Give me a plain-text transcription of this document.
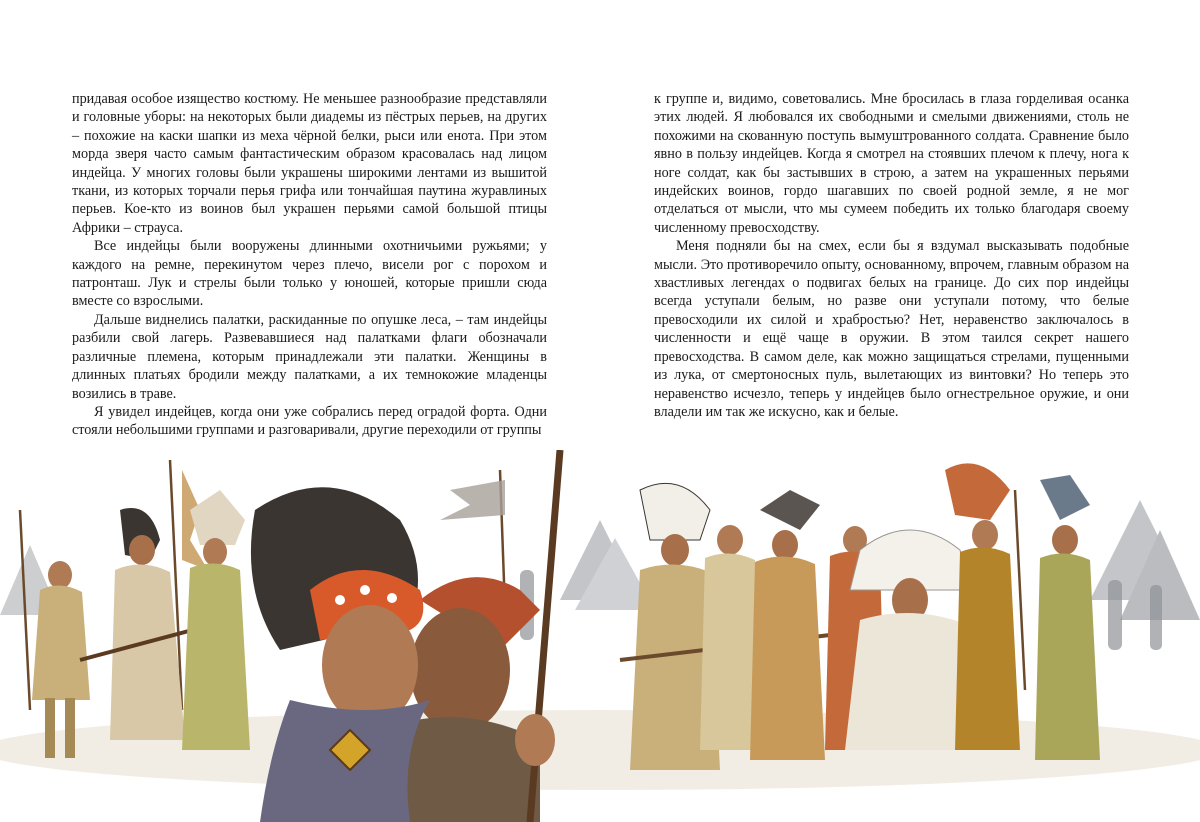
придавая особое изящество костюму. Не меньшее разнообразие представляли и головные уборы: на некоторых были диадемы из пёстрых перьев, на других – похожие на каски шапки из меха чёрной белки, рыси или енота. При этом морда зверя часто самым фантастическим образом красовалась над лицом индейца. У многих головы были украшены широкими лентами из вышитой ткани, из которых торчали перья грифа или тончайшая паутина журавлиных перьев. Кое-кто из воинов был украшен перьями самой большой птицы Африки – страуса.

Все индейцы были вооружены длинными охотничьими ружьями; у каждого на ремне, перекинутом через плечо, висели рог с порохом и патронташ. Лук и стрелы были только у юношей, которые пришли сюда вместе со взрослыми.

Дальше виднелись палатки, раскиданные по опушке леса, – там индейцы разбили свой лагерь. Развевавшиеся над палатками флаги обозначали различные племена, которым принадлежали эти палатки. Женщины в длинных платьях бродили между палатками, а их темнокожие младенцы возились в траве.

Я увидел индейцев, когда они уже собрались перед оградой форта. Одни стояли небольшими группами и разговаривали, другие переходили от группы

к группе и, видимо, советовались. Мне бросилась в глаза горделивая осанка этих людей. Я любовался их свободными и смелыми движениями, столь не похожими на скованную поступь вымуштрованного солдата. Сравнение было явно в пользу индейцев. Когда я смотрел на стоявших плечом к плечу, нога к ноге солдат, как бы застывших в строю, а затем на украшенных перьями индейских воинов, гордо шагавших по своей родной земле, я не мог отделаться от мысли, что мы сумеем победить их только благодаря своему численному превосходству.

Меня подняли бы на смех, если бы я вздумал высказывать подобные мысли. Это противоречило опыту, основанному, впрочем, главным образом на хвастливых легендах о подвигах белых на границе. До сих пор индейцы всегда уступали белым, но разве они уступали потому, что белые превосходили их силой и храбростью? Нет, неравенство заключалось в численности и ещё чаще в оружии. В этом таился секрет нашего превосходства. В самом деле, как можно защищаться стрелами, пущенными из лука, от смертоносных пуль, вылетающих из винтовки? Но теперь это неравенство исчезло, теперь у индейцев было огнестрельное оружие, и они владели им так же искусно, как и белые.
